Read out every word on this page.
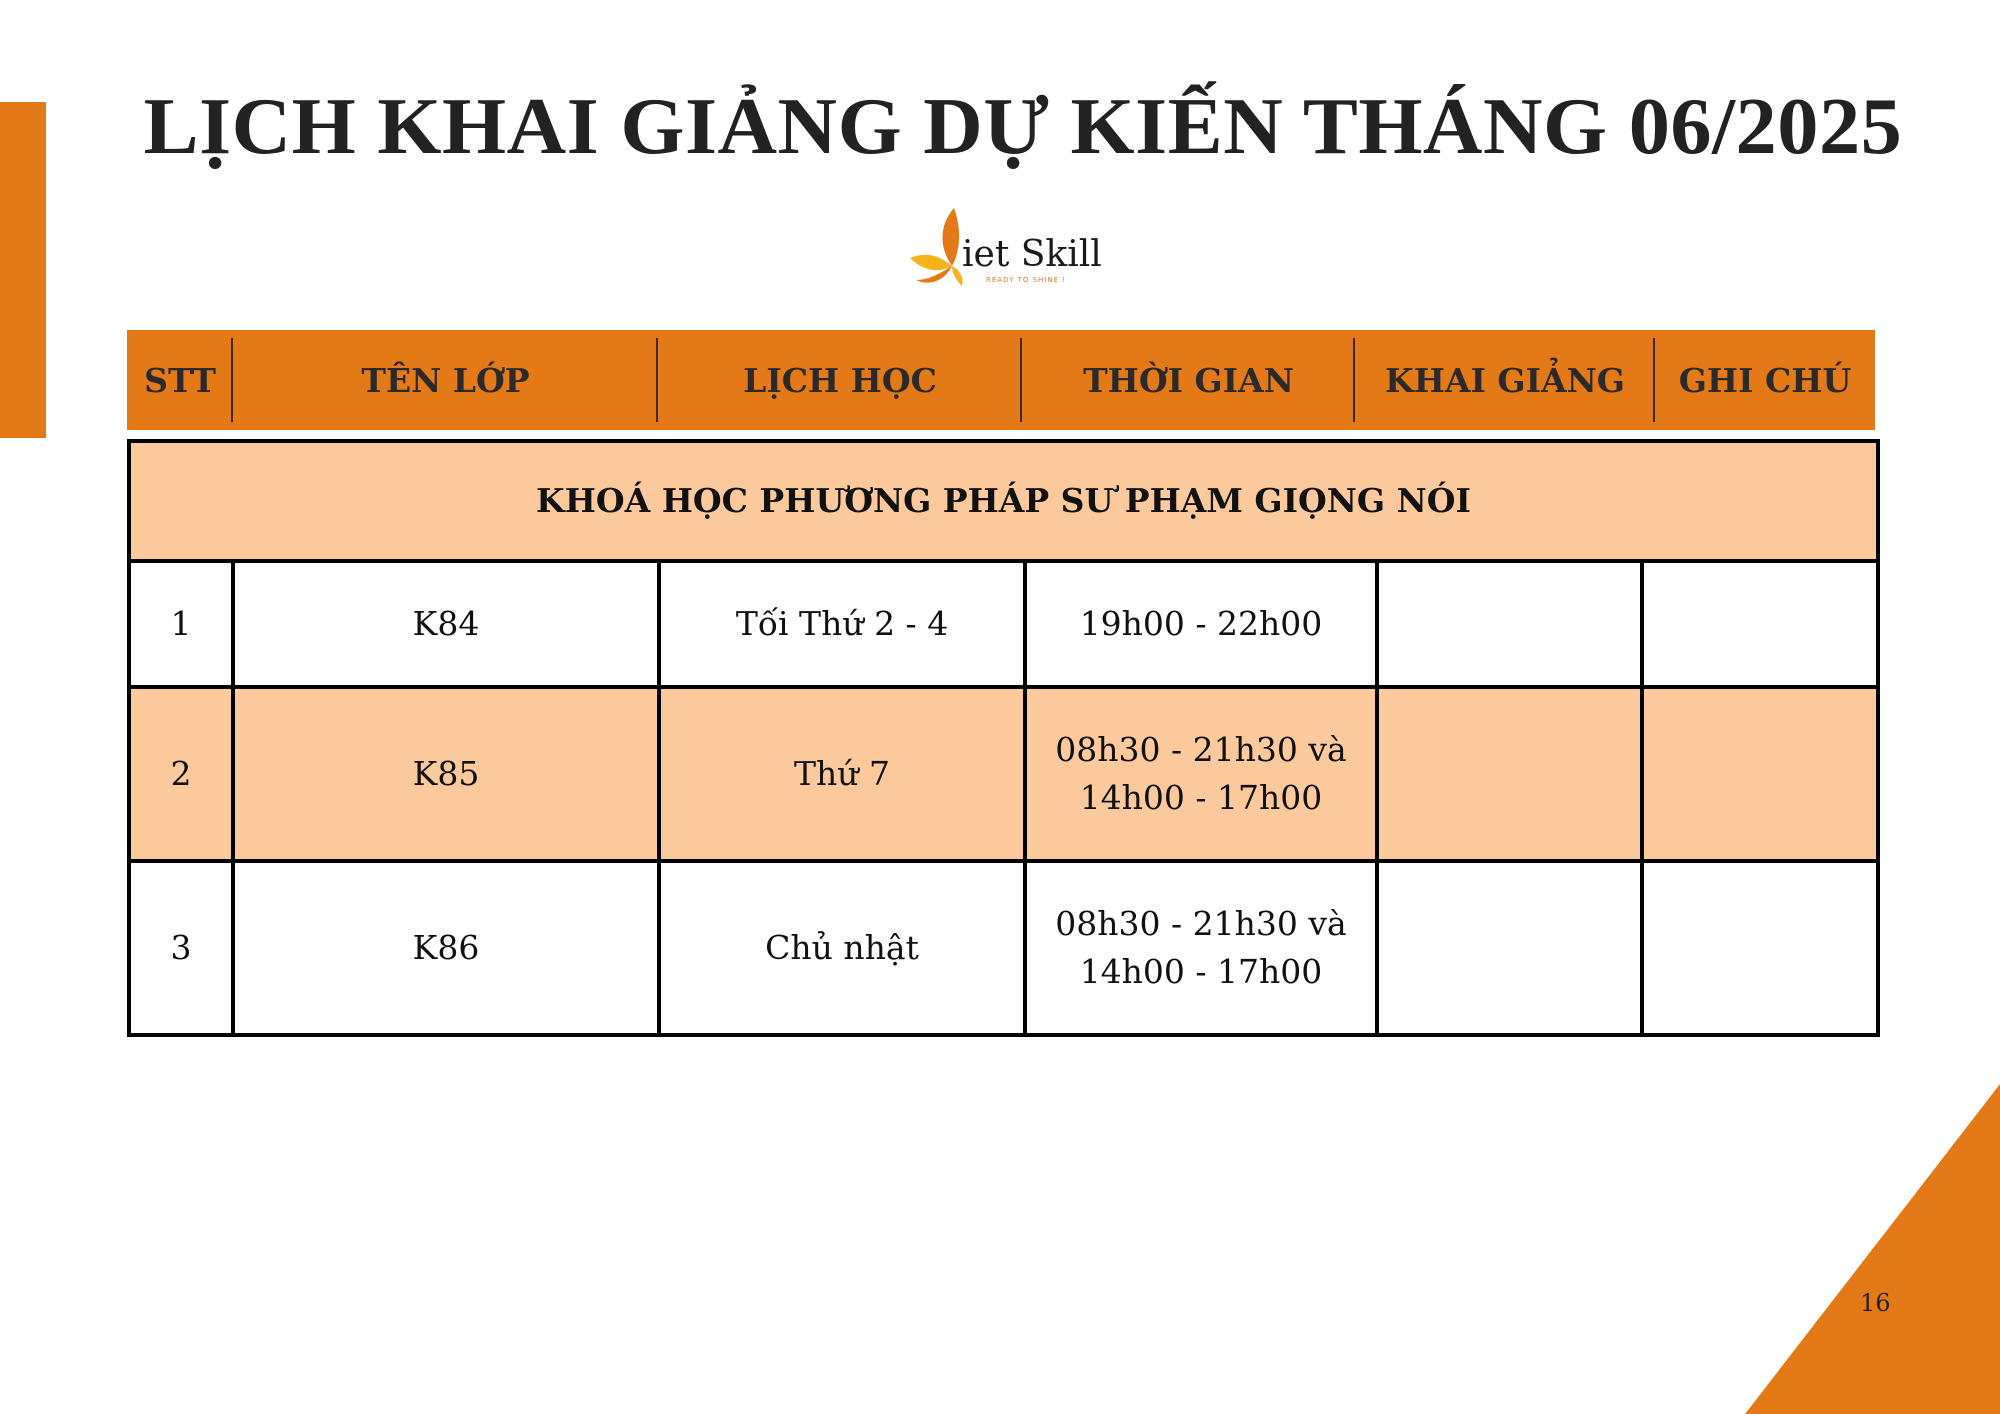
LỊCH KHAI GIẢNG DỰ KIẾN THÁNG 06/2025
iet Skill
READY TO SHINE !
STT	TÊN LỚP	LỊCH HỌC	THỜI GIAN	KHAI GIẢNG	GHI CHÚ
KHOÁ HỌC PHƯƠNG PHÁP SƯ PHẠM GIỌNG NÓI					
1	K84	Tối Thứ 2 - 4	19h00 - 22h00		
2	K85	Thứ 7	08h30 - 21h30 và
14h00 - 17h00		
3	K86	Chủ nhật	08h30 - 21h30 và
14h00 - 17h00		
16
